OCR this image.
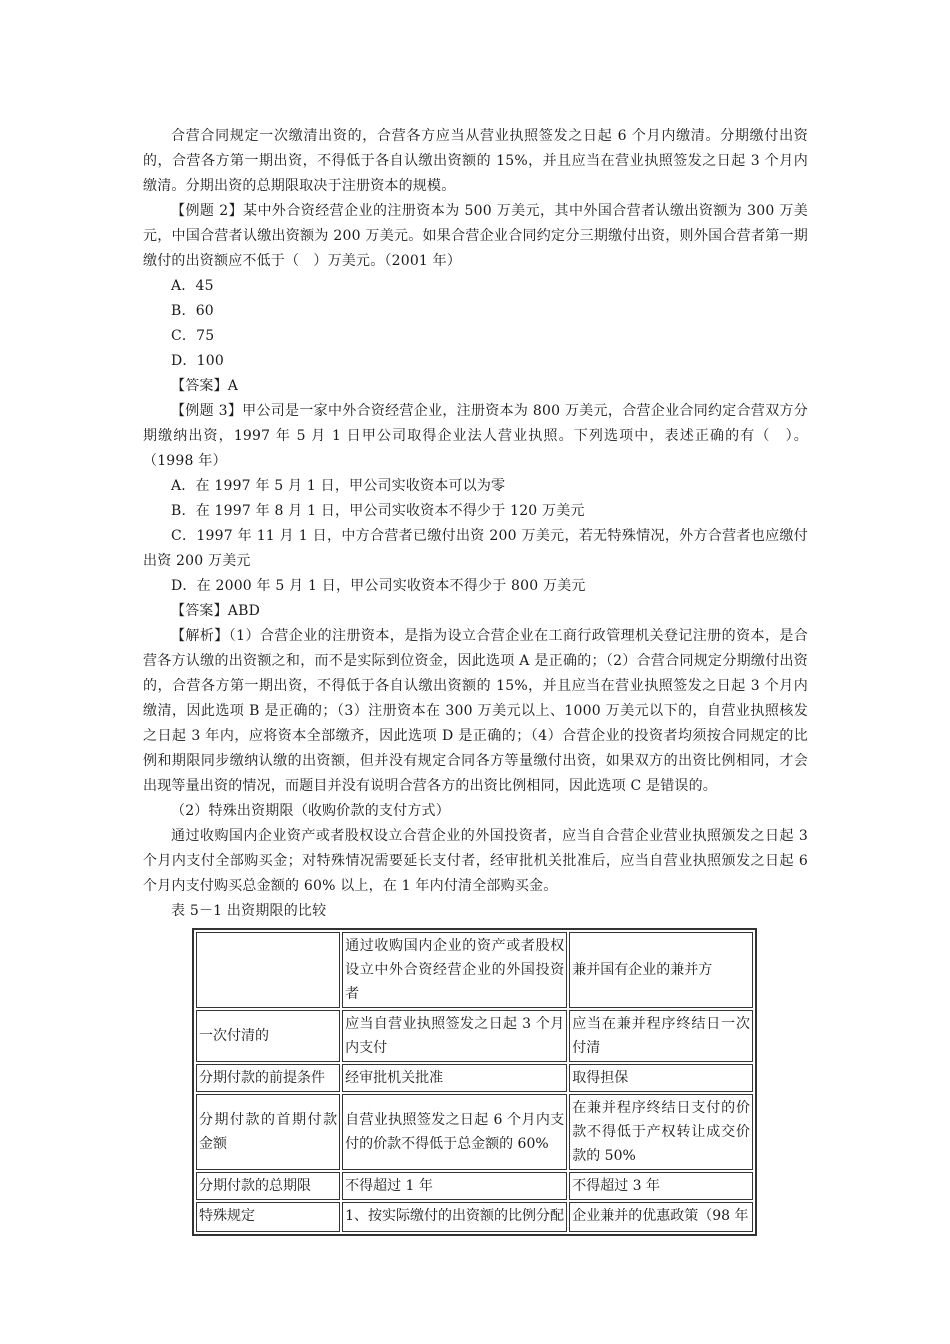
合营合同规定一次缴清出资的，合营各方应当从营业执照签发之日起 6 个月内缴清。分期缴付出资的，合营各方第一期出资，不得低于各自认缴出资额的 15%，并且应当在营业执照签发之日起 3 个月内缴清。分期出资的总期限取决于注册资本的规模。

【例题 2】某中外合资经营企业的注册资本为 500 万美元，其中外国合营者认缴出资额为 300 万美元，中国合营者认缴出资额为 200 万美元。如果合营企业合同约定分三期缴付出资，则外国合营者第一期缴付的出资额应不低于（　）万美元。（2001 年）

A．45

B．60

C．75

D．100

【答案】A

【例题 3】甲公司是一家中外合资经营企业，注册资本为 800 万美元，合营企业合同约定合营双方分期缴纳出资，1997 年 5 月 1 日甲公司取得企业法人营业执照。下列选项中，表述正确的有（　）。（1998 年）

A．在 1997 年 5 月 1 日，甲公司实收资本可以为零

B．在 1997 年 8 月 1 日，甲公司实收资本不得少于 120 万美元

C．1997 年 11 月 1 日，中方合营者已缴付出资 200 万美元，若无特殊情况，外方合营者也应缴付出资 200 万美元

D．在 2000 年 5 月 1 日，甲公司实收资本不得少于 800 万美元

【答案】ABD

【解析】（1）合营企业的注册资本，是指为设立合营企业在工商行政管理机关登记注册的资本，是合营各方认缴的出资额之和，而不是实际到位资金，因此选项 A 是正确的；（2）合营合同规定分期缴付出资的，合营各方第一期出资，不得低于各自认缴出资额的 15%，并且应当在营业执照签发之日起 3 个月内缴清，因此选项 B 是正确的；（3）注册资本在 300 万美元以上、1000 万美元以下的，自营业执照核发之日起 3 年内，应将资本全部缴齐，因此选项 D 是正确的；（4）合营企业的投资者均须按合同规定的比例和期限同步缴纳认缴的出资额，但并没有规定合同各方等量缴付出资，如果双方的出资比例相同，才会出现等量出资的情况，而题目并没有说明合营各方的出资比例相同，因此选项 C 是错误的。

（2）特殊出资期限（收购价款的支付方式）

通过收购国内企业资产或者股权设立合营企业的外国投资者，应当自合营企业营业执照颁发之日起 3 个月内支付全部购买金；对特殊情况需要延长支付者，经审批机关批准后，应当自营业执照颁发之日起 6 个月内支付购买总金额的 60% 以上，在 1 年内付清全部购买金。

表 5－1 出资期限的比较

	通过收购国内企业的资产或者股权设立中外合资经营企业的外国投资者	兼并国有企业的兼并方
一次付清的	应当自营业执照签发之日起 3 个月内支付	应当在兼并程序终结日一次付清
分期付款的前提条件	经审批机关批准	取得担保
分期付款的首期付款金额	自营业执照签发之日起 6 个月内支付的价款不得低于总金额的 60%	在兼并程序终结日支付的价款不得低于产权转让成交价款的 50%
分期付款的总期限	不得超过 1 年	不得超过 3 年
特殊规定	1、按实际缴付的出资额的比例分配	企业兼并的优惠政策（98 年
